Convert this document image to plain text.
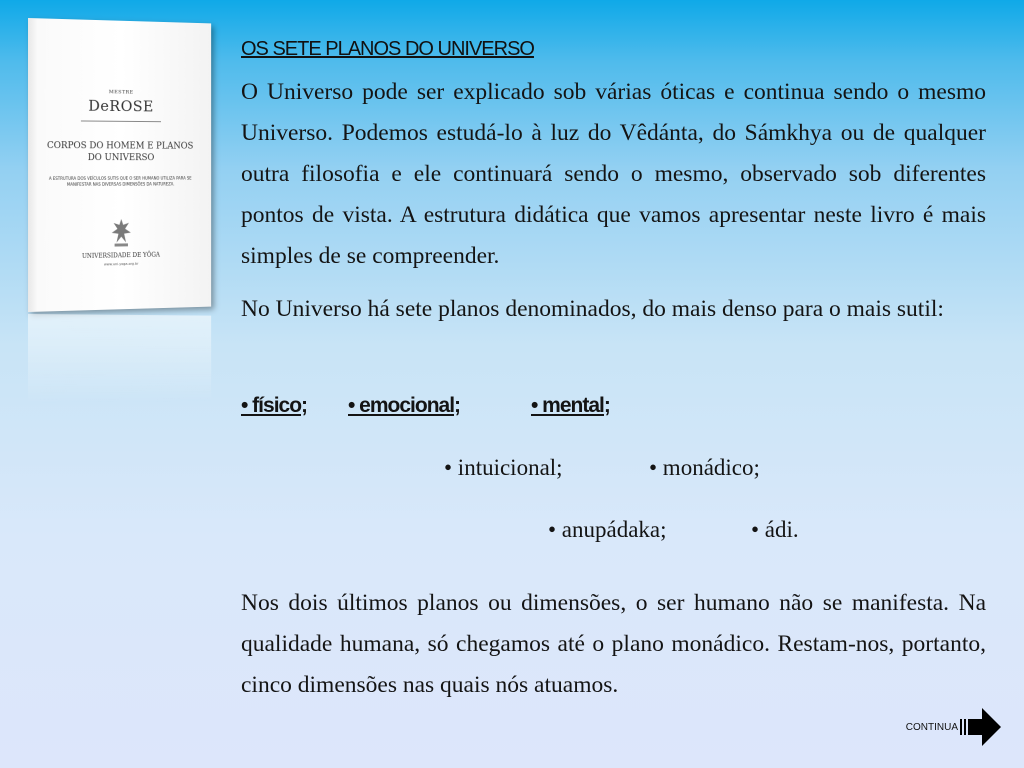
MESTRE
DeROSE
CORPOS DO HOMEM E PLANOS DO UNIVERSO
A ESTRUTURA DOS VEÍCULOS SUTIS QUE O SER HUMANO UTILIZA PARA SE MANIFESTAR NAS DIVERSAS DIMENSÕES DA NATUREZA.
UNIVERSIDADE DE YÔGA
www.uni-yoga.org.br
OS SETE PLANOS DO UNIVERSO

O Universo pode ser explicado sob várias óticas e continua sendo o mesmo Universo. Podemos estudá-lo à luz do Vêdánta, do Sámkhya ou de qualquer outra filosofia e ele continuará sendo o mesmo, observado sob diferentes pontos de vista. A estrutura didática que vamos apresentar neste livro é mais simples de se compreender.

No Universo há sete planos denominados, do mais denso para o mais sutil:

• físico; • emocional;	• mental;
• intuicional;	• monádico;
• anupádaka;	• ádi.

Nos dois últimos planos ou dimensões, o ser humano não se manifesta. Na qualidade humana, só chegamos até o plano monádico. Restam-nos, portanto, cinco dimensões nas quais nós atuamos.

CONTINUA
